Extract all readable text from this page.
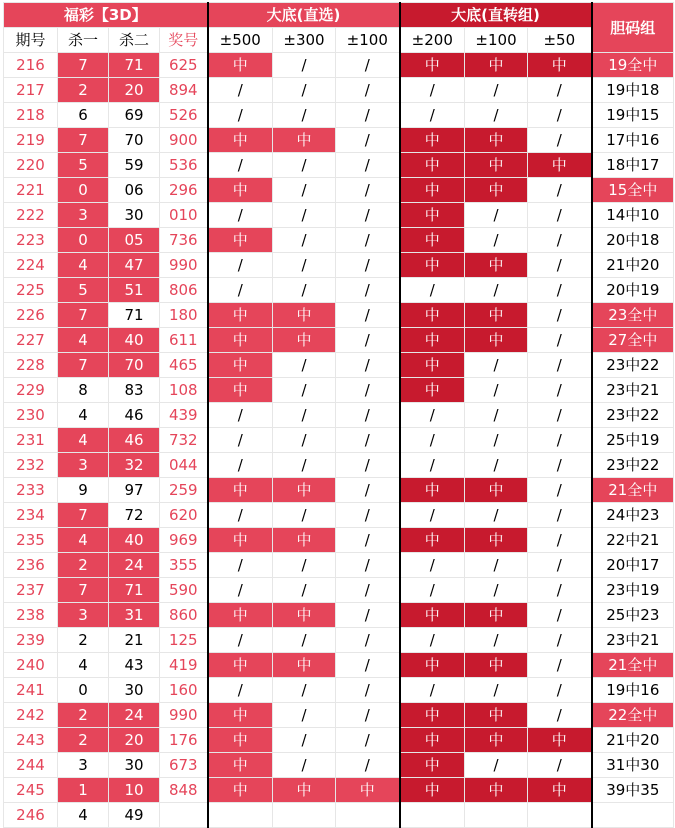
福彩【3D】				大底(直选)			大底(直转组)			胆码组
期号	杀一	杀二	奖号	±500	±300	±100	±200	±100	±50	
216	7	71	625	中	/	/	中	中	中	19全中
217	2	20	894	/	/	/	/	/	/	19中18
218	6	69	526	/	/	/	/	/	/	19中15
219	7	70	900	中	中	/	中	中	/	17中16
220	5	59	536	/	/	/	中	中	中	18中17
221	0	06	296	中	/	/	中	中	/	15全中
222	3	30	010	/	/	/	中	/	/	14中10
223	0	05	736	中	/	/	中	/	/	20中18
224	4	47	990	/	/	/	中	中	/	21中20
225	5	51	806	/	/	/	/	/	/	20中19
226	7	71	180	中	中	/	中	中	/	23全中
227	4	40	611	中	中	/	中	中	/	27全中
228	7	70	465	中	/	/	中	/	/	23中22
229	8	83	108	中	/	/	中	/	/	23中21
230	4	46	439	/	/	/	/	/	/	23中22
231	4	46	732	/	/	/	/	/	/	25中19
232	3	32	044	/	/	/	/	/	/	23中22
233	9	97	259	中	中	/	中	中	/	21全中
234	7	72	620	/	/	/	/	/	/	24中23
235	4	40	969	中	中	/	中	中	/	22中21
236	2	24	355	/	/	/	/	/	/	20中17
237	7	71	590	/	/	/	/	/	/	23中19
238	3	31	860	中	中	/	中	中	/	25中23
239	2	21	125	/	/	/	/	/	/	23中21
240	4	43	419	中	中	/	中	中	/	21全中
241	0	30	160	/	/	/	/	/	/	19中16
242	2	24	990	中	/	/	中	中	/	22全中
243	2	20	176	中	/	/	中	中	中	21中20
244	3	30	673	中	/	/	中	/	/	31中30
245	1	10	848	中	中	中	中	中	中	39中35
246	4	49								
